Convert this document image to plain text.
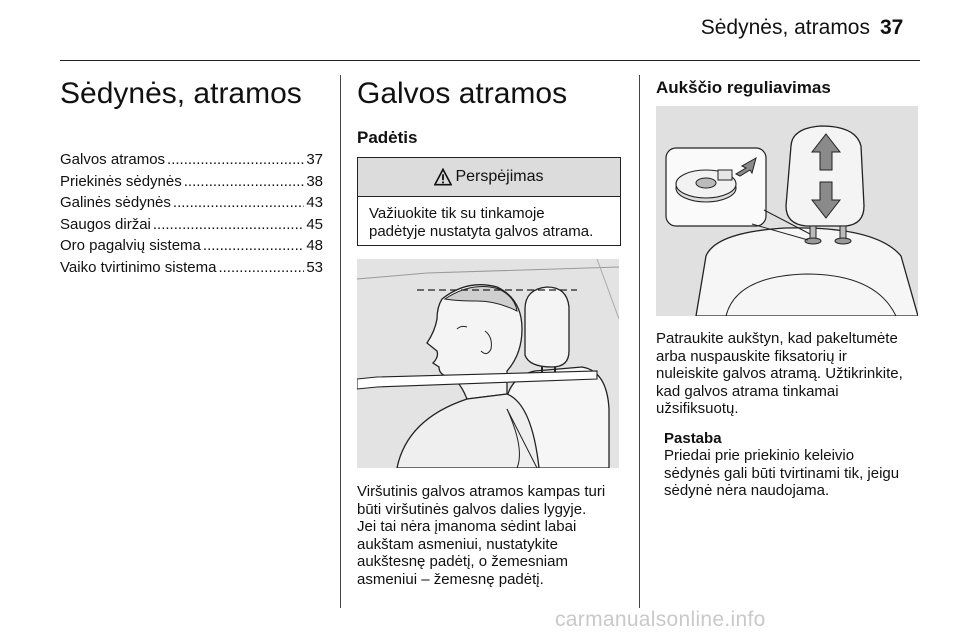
Sėdynės, atramos 37
Sėdynės, atramos
Galvos atramos .....	37
Priekinės sėdynės .....	38
Galinės sėdynės .....	43
Saugos diržai .....	45
Oro pagalvių sistema .....	48
Vaiko tvirtinimo sistema .....	53
Galvos atramos
Padėtis
Perspėjimas
Važiuokite tik su tinkamoje
padėtyje nustatyta galvos atrama.
Viršutinis galvos atramos kampas turi
būti viršutinės galvos dalies lygyje.
Jei tai nėra įmanoma sėdint labai
aukštam asmeniui, nustatykite
aukštesnę padėtį, o žemesniam
asmeniui – žemesnę padėtį.
Aukščio reguliavimas
Patraukite aukštyn, kad pakeltumėte
arba nuspauskite fiksatorių ir
nuleiskite galvos atramą. Užtikrinkite,
kad galvos atrama tinkamai
užsifiksuotų.
Pastaba
Priedai prie priekinio keleivio
sėdynės gali būti tvirtinami tik, jeigu
sėdynė nėra naudojama.
carmanualsonline.info
